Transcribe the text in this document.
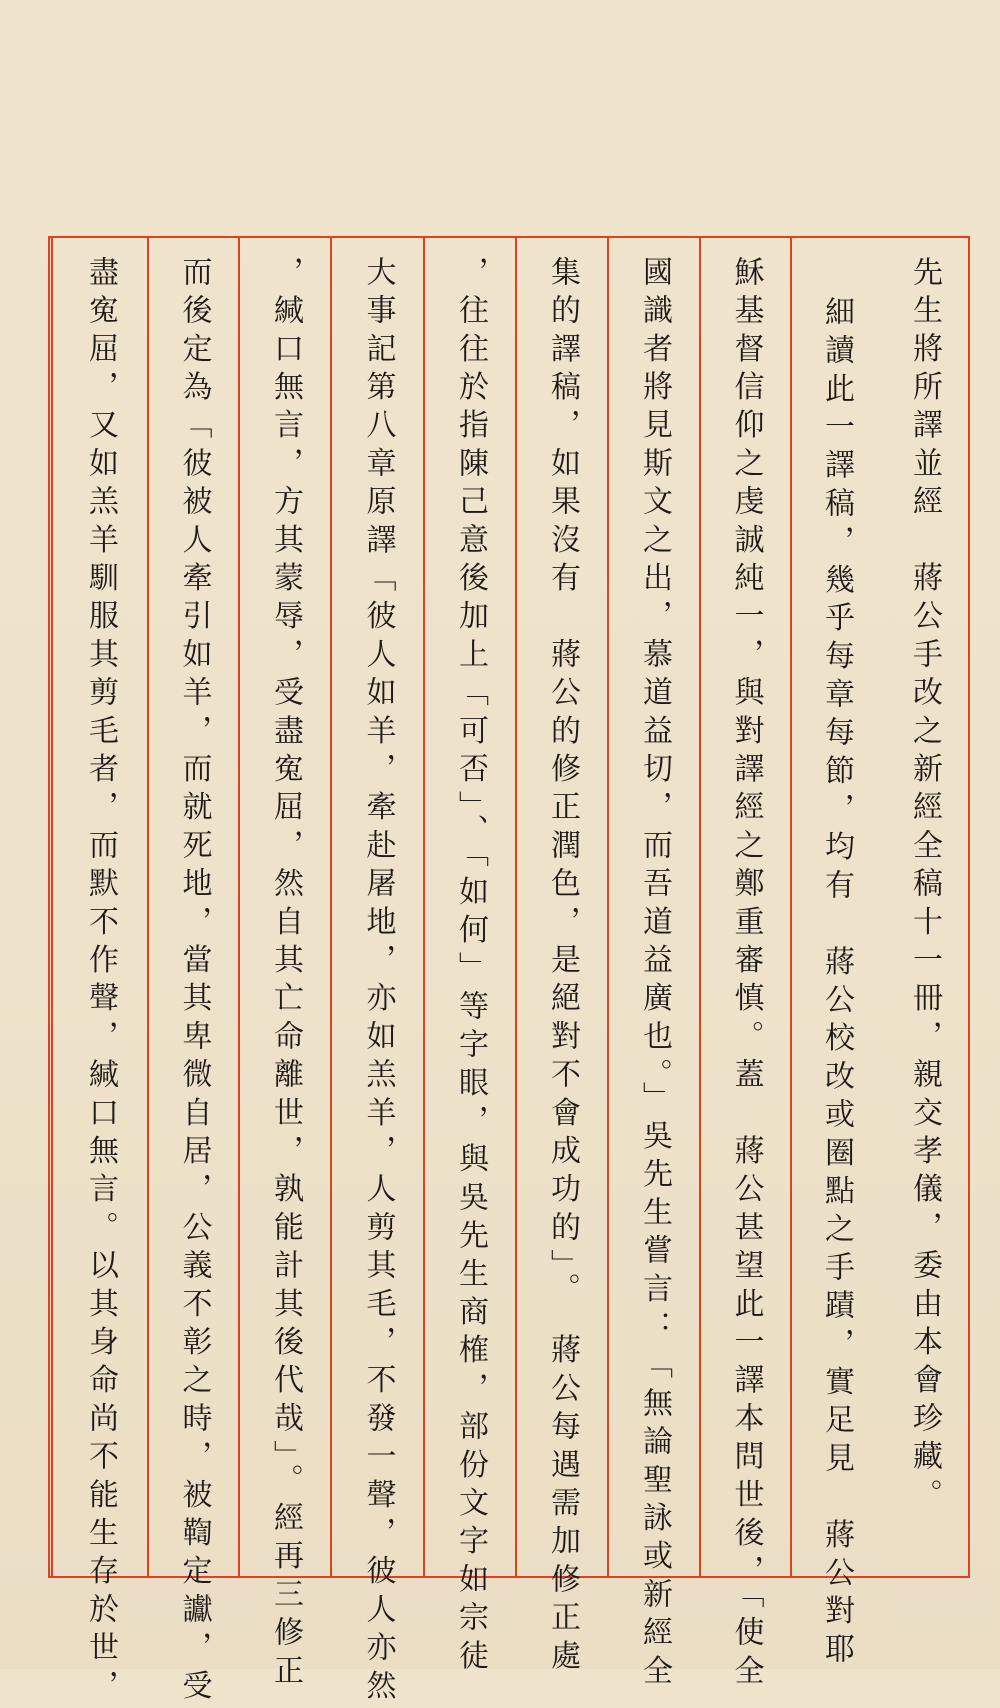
先生將所譯並經　蔣公手改之新經全稿十一冊，親交孝儀，委由本會珍藏。
細讀此一譯稿，幾乎每章每節，均有　蔣公校改或圈點之手蹟，實足見　蔣公對耶
穌基督信仰之虔誠純一，與對譯經之鄭重審慎。蓋　蔣公甚望此一譯本問世後，「使全
國識者將見斯文之出，慕道益切，而吾道益廣也。」吳先生嘗言：「無論聖詠或新經全
集的譯稿，如果沒有　蔣公的修正潤色，是絕對不會成功的」。　蔣公每遇需加修正處
，往往於指陳己意後加上「可否」、「如何」等字眼，與吳先生商榷，部份文字如宗徒
大事記第八章原譯「彼人如羊，牽赴屠地，亦如羔羊，人剪其毛，不發一聲，彼人亦然
，緘口無言，方其蒙辱，受盡寃屈，然自其亡命離世，孰能計其後代哉」。經再三修正
而後定為「彼被人牽引如羊，而就死地，當其卑微自居，公義不彰之時，被鞫定讞，受
盡寃屈，又如羔羊馴服其剪毛者，而默不作聲，緘口無言。以其身命尚不能生存於世，
